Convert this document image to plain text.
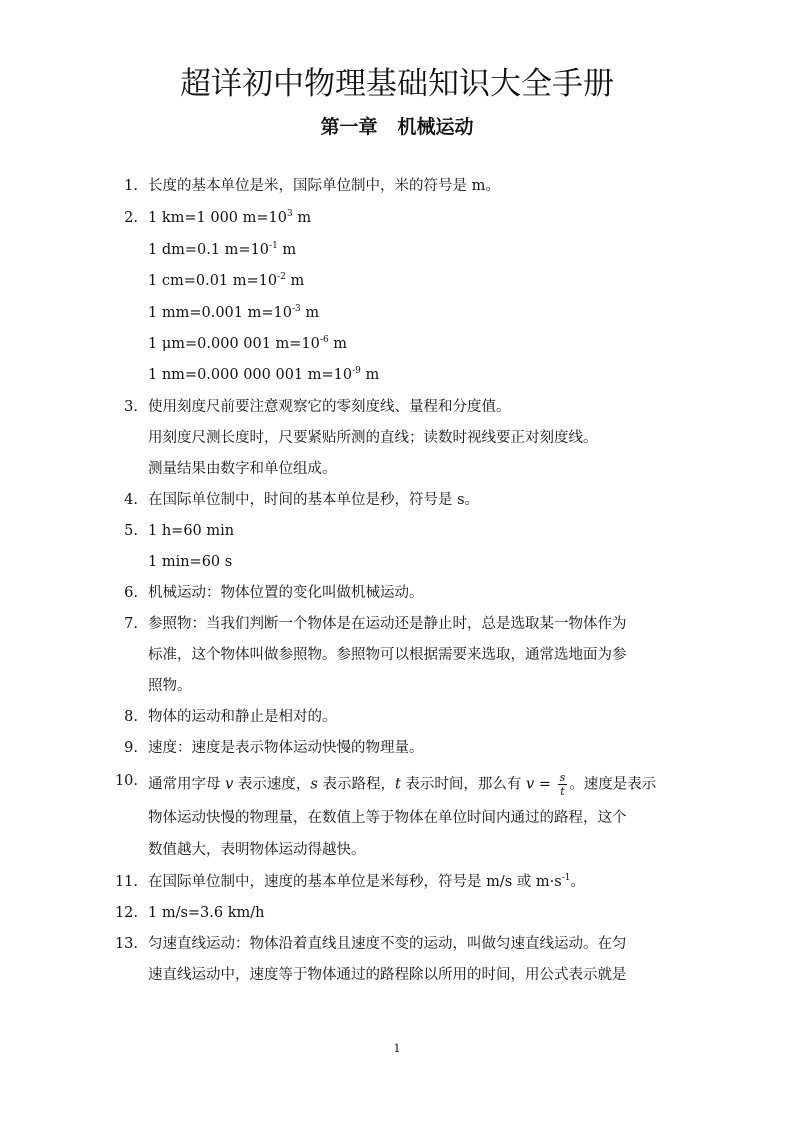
超详初中物理基础知识大全手册
第一章 机械运动
1. 长度的基本单位是米，国际单位制中，米的符号是 m。
2. 1 km=1 000 $m=10^3$ m
1 dm=0.1 $m=10^{-1}$ m
1 cm=0.01 $m=10^{-2}$ m
1 mm=0.001 $m=10^{-3}$ m
1 μm=0.000 001 $m=10^{-6}$ m
1 nm=0.000 000 001 $m=10^{-9}$ m
3. 使用刻度尺前要注意观察它的零刻度线、量程和分度值。
用刻度尺测长度时，尺要紧贴所测的直线；读数时视线要正对刻度线。
测量结果由数字和单位组成。
4. 在国际单位制中，时间的基本单位是秒，符号是 s。
5. 1 h=60 min
1 min=60 s
6. 机械运动：物体位置的变化叫做机械运动。
7. 参照物：当我们判断一个物体是在运动还是静止时，总是选取某一物体作为
标准，这个物体叫做参照物。参照物可以根据需要来选取，通常选地面为参
照物。
8. 物体的运动和静止是相对的。
9. 速度：速度是表示物体运动快慢的物理量。
10. 通常用字母 v 表示速度，s 表示路程，t 表示时间，那么有 $v = \frac{s}{t}$ 。速度是表示
物体运动快慢的物理量，在数值上等于物体在单位时间内通过的路程，这个
数值越大，表明物体运动得越快。
11. 在国际单位制中，速度的基本单位是米每秒，符号是 m/s 或 $m\cdot s^{-1}$。
12. 1 m/s=3.6 km/h
13. 匀速直线运动：物体沿着直线且速度不变的运动，叫做匀速直线运动。在匀
速直线运动中，速度等于物体通过的路程除以所用的时间，用公式表示就是
1
